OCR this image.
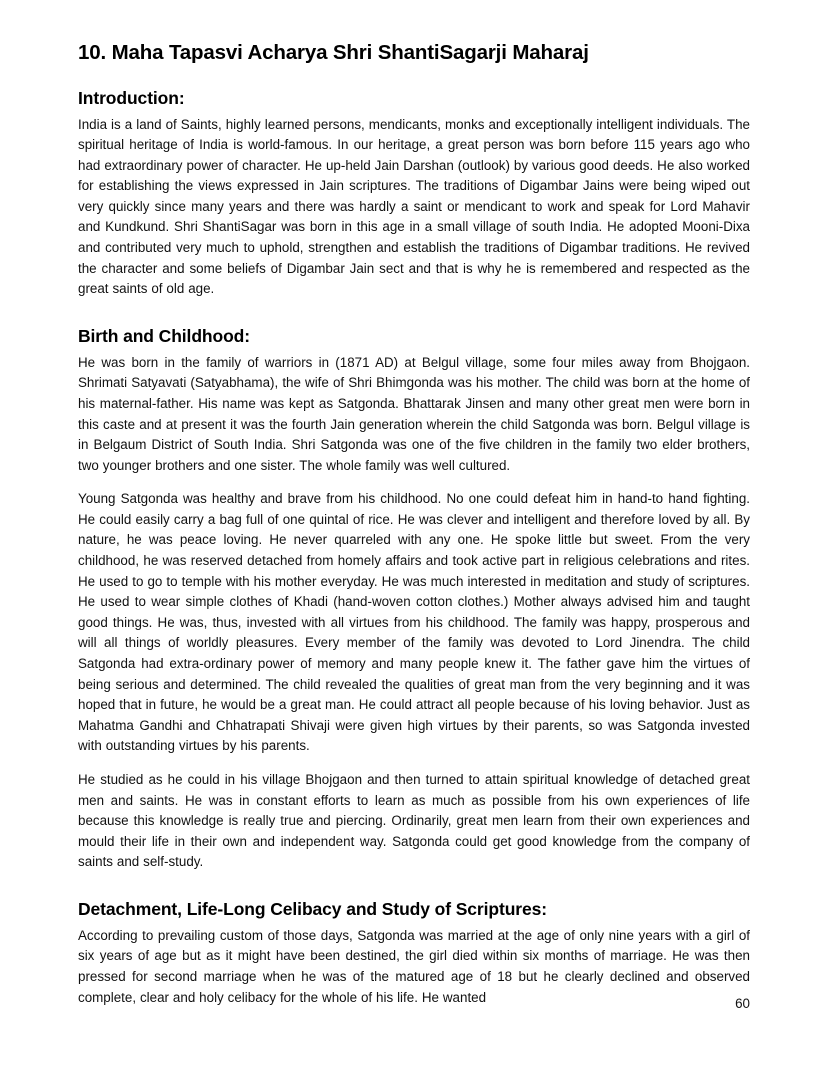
10. Maha Tapasvi Acharya Shri ShantiSagarji Maharaj
Introduction:

India is a land of Saints, highly learned persons, mendicants, monks and exceptionally intelligent individuals. The spiritual heritage of India is world-famous. In our heritage, a great person was born before 115 years ago who had extraordinary power of character. He up-held Jain Darshan (outlook) by various good deeds. He also worked for establishing the views expressed in Jain scriptures. The traditions of Digambar Jains were being wiped out very quickly since many years and there was hardly a saint or mendicant to work and speak for Lord Mahavir and Kundkund. Shri ShantiSagar was born in this age in a small village of south India. He adopted Mooni-Dixa and contributed very much to uphold, strengthen and establish the traditions of Digambar traditions. He revived the character and some beliefs of Digambar Jain sect and that is why he is remembered and respected as the great saints of old age.

Birth and Childhood:

He was born in the family of warriors in (1871 AD) at Belgul village, some four miles away from Bhojgaon. Shrimati Satyavati (Satyabhama), the wife of Shri Bhimgonda was his mother. The child was born at the home of his maternal-father. His name was kept as Satgonda. Bhattarak Jinsen and many other great men were born in this caste and at present it was the fourth Jain generation wherein the child Satgonda was born. Belgul village is in Belgaum District of South India. Shri Satgonda was one of the five children in the family two elder brothers, two younger brothers and one sister. The whole family was well cultured.

Young Satgonda was healthy and brave from his childhood. No one could defeat him in hand-to hand fighting. He could easily carry a bag full of one quintal of rice. He was clever and intelligent and therefore loved by all. By nature, he was peace loving. He never quarreled with any one. He spoke little but sweet. From the very childhood, he was reserved detached from homely affairs and took active part in religious celebrations and rites. He used to go to temple with his mother everyday. He was much interested in meditation and study of scriptures. He used to wear simple clothes of Khadi (hand-woven cotton clothes.) Mother always advised him and taught good things. He was, thus, invested with all virtues from his childhood. The family was happy, prosperous and will all things of worldly pleasures. Every member of the family was devoted to Lord Jinendra. The child Satgonda had extra-ordinary power of memory and many people knew it. The father gave him the virtues of being serious and determined. The child revealed the qualities of great man from the very beginning and it was hoped that in future, he would be a great man. He could attract all people because of his loving behavior. Just as Mahatma Gandhi and Chhatrapati Shivaji were given high virtues by their parents, so was Satgonda invested with outstanding virtues by his parents.

He studied as he could in his village Bhojgaon and then turned to attain spiritual knowledge of detached great men and saints. He was in constant efforts to learn as much as possible from his own experiences of life because this knowledge is really true and piercing. Ordinarily, great men learn from their own experiences and mould their life in their own and independent way. Satgonda could get good knowledge from the company of saints and self-study.

Detachment, Life-Long Celibacy and Study of Scriptures:

According to prevailing custom of those days, Satgonda was married at the age of only nine years with a girl of six years of age but as it might have been destined, the girl died within six months of marriage. He was then pressed for second marriage when he was of the matured age of 18 but he clearly declined and observed complete, clear and holy celibacy for the whole of his life. He wanted	60
